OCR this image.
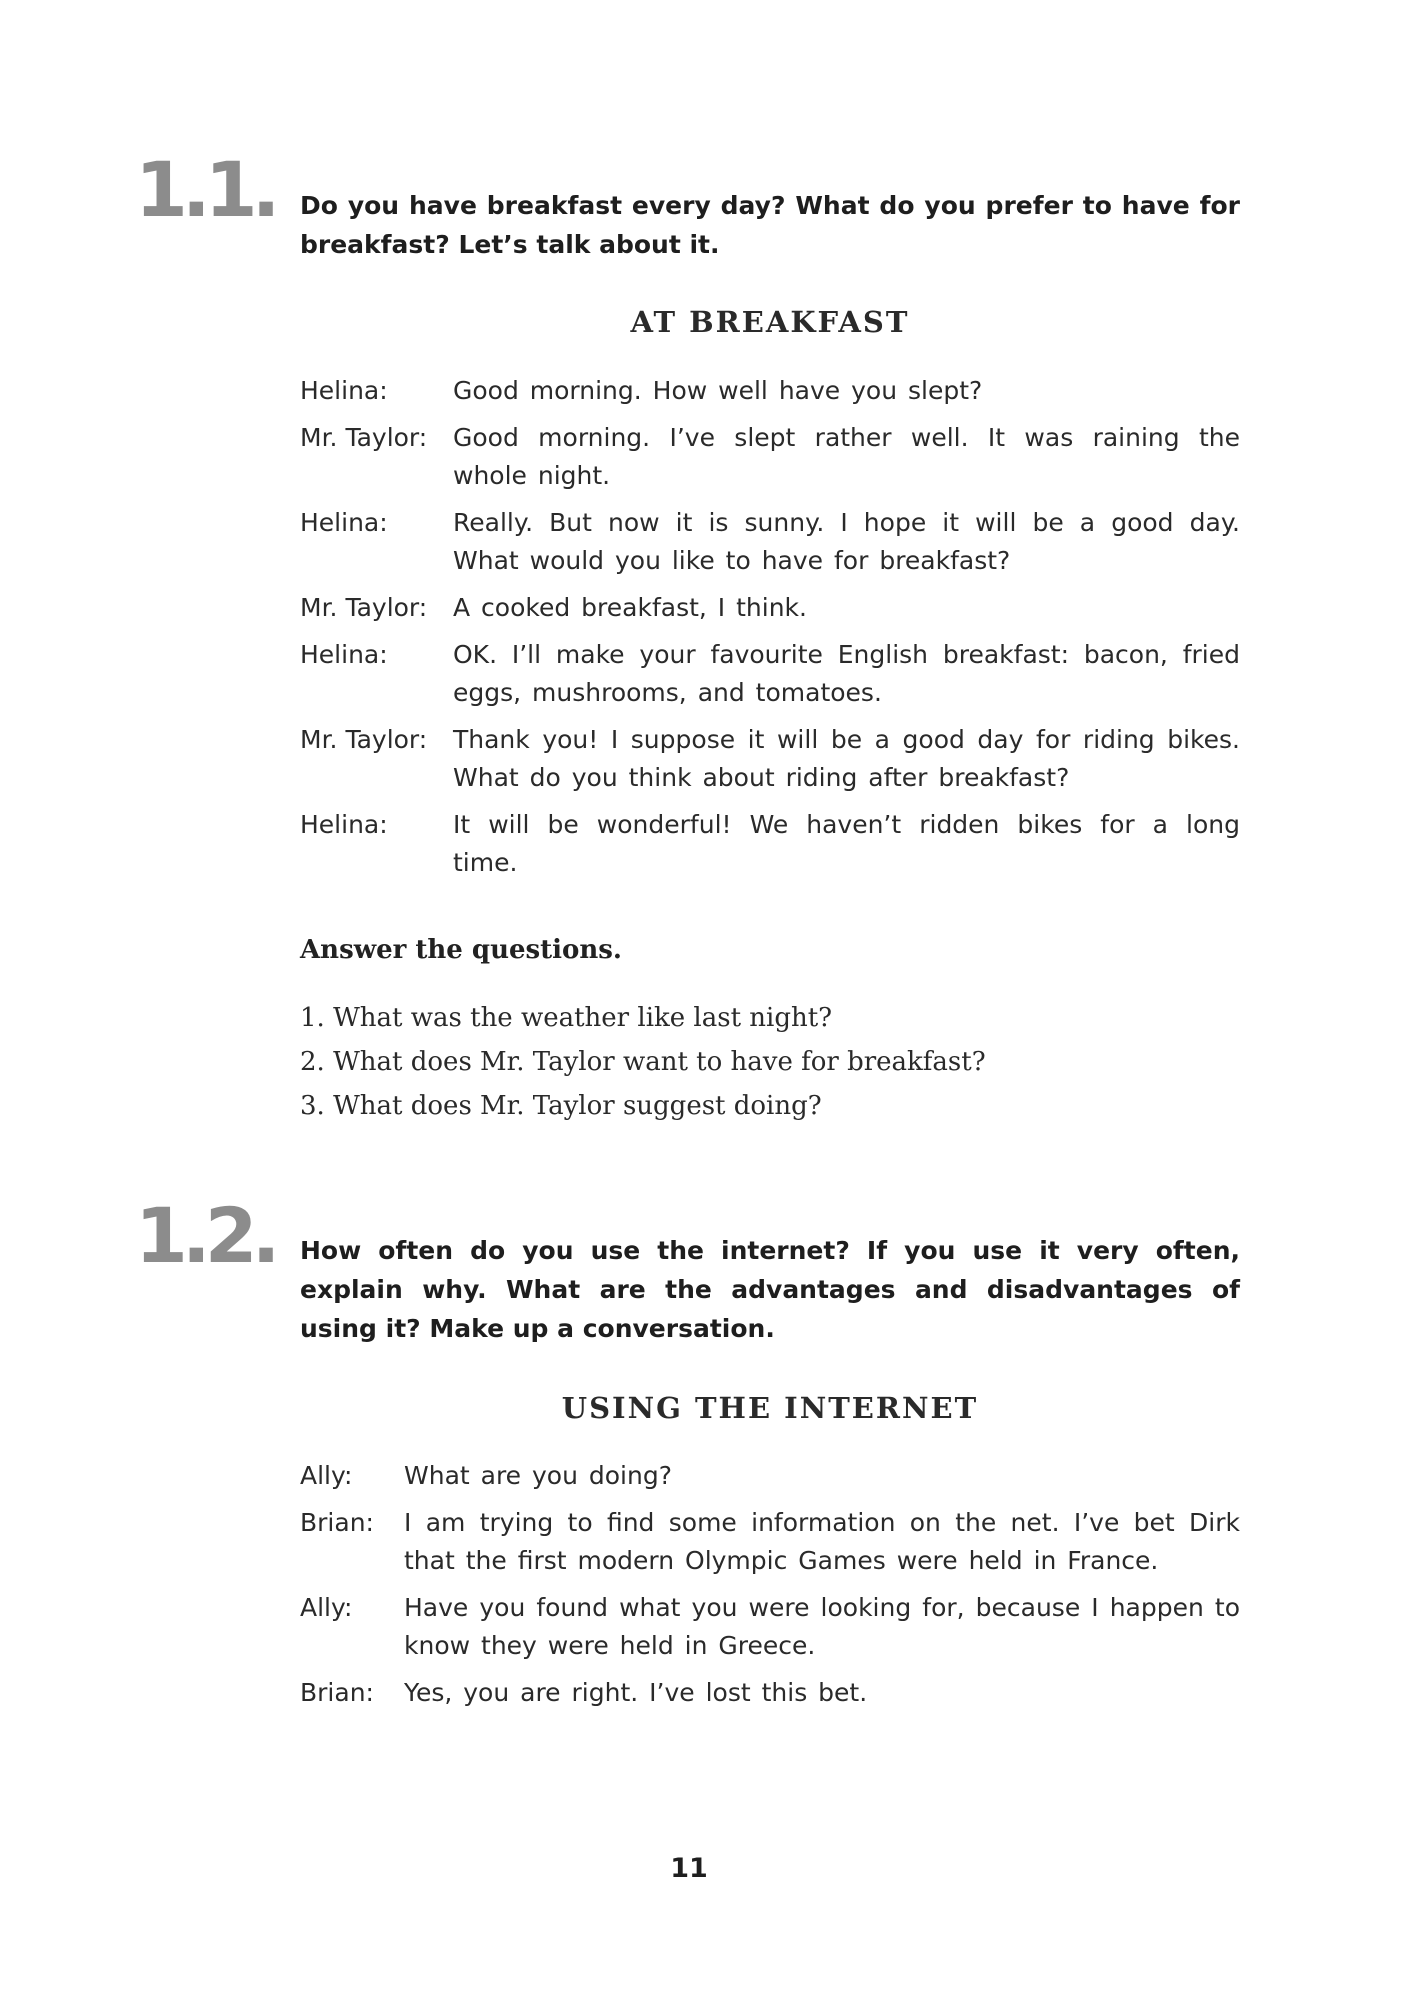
1.1. Do you have breakfast every day? What do you prefer to have for breakfast? Let’s talk about it.

AT BREAKFAST
Helina:	Good morning. How well have you slept?
Mr. Taylor:	Good morning. I’ve slept rather well. It was raining the whole night.
Helina:	Really. But now it is sunny. I hope it will be a good day. What would you like to have for breakfast?
Mr. Taylor:	A cooked breakfast, I think.
Helina:	OK. I’ll make your favourite English breakfast: bacon, fried eggs, mushrooms, and tomatoes.
Mr. Taylor:	Thank you! I suppose it will be a good day for riding bikes. What do you think about riding after breakfast?
Helina:	It will be wonderful! We haven’t ridden bikes for a long time.
Answer the questions.
1. What was the weather like last night?
2. What does Mr. Taylor want to have for breakfast?
3. What does Mr. Taylor suggest doing?
1.2. How often do you use the internet? If you use it very often, explain why. What are the advantages and disadvantages of using it? Make up a conversation.

USING THE INTERNET
Ally:	What are you doing?
Brian:	I am trying to find some information on the net. I’ve bet Dirk that the first modern Olympic Games were held in France.
Ally:	Have you found what you were looking for, because I happen to know they were held in Greece.
Brian:	Yes, you are right. I’ve lost this bet.
11
